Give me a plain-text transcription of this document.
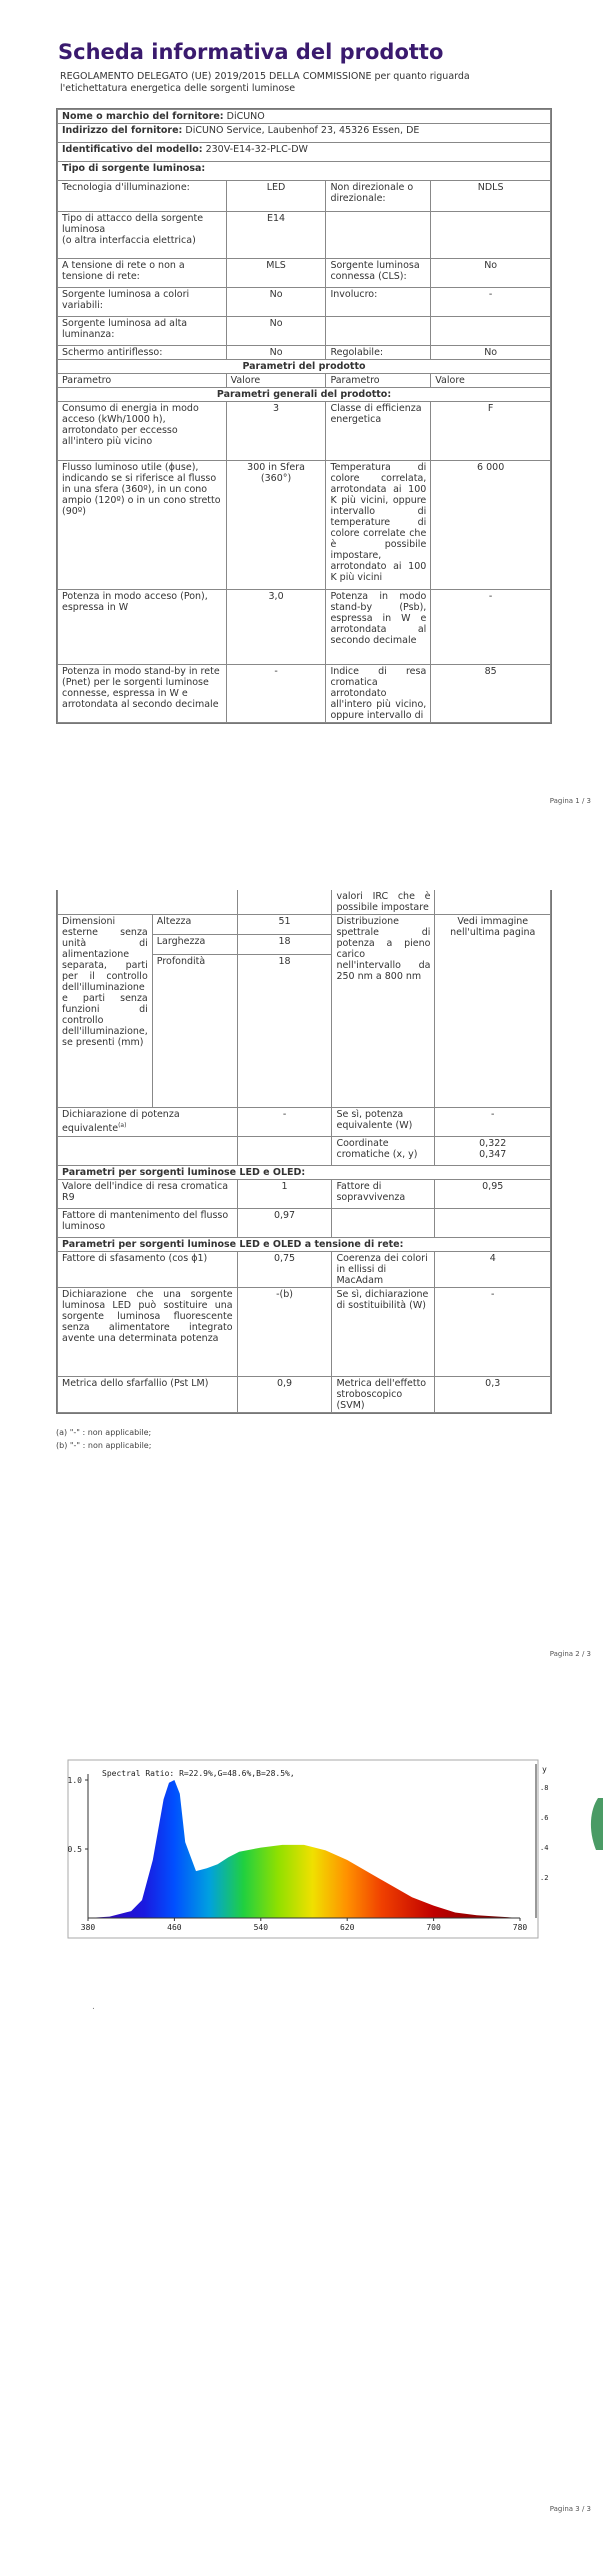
Scheda informativa del prodotto
REGOLAMENTO DELEGATO (UE) 2019/2015 DELLA COMMISSIONE per quanto riguarda l'etichettatura energetica delle sorgenti luminose
Nome o marchio del fornitore: DiCUNO			
Indirizzo del fornitore: DiCUNO Service, Laubenhof 23, 45326 Essen, DE			
Identificativo del modello: 230V-E14-32-PLC-DW			
Tipo di sorgente luminosa:			
Tecnologia d'illuminazione:	LED	Non direzionale o direzionale:	NDLS
Tipo di attacco della sorgente luminosa
(o altra interfaccia elettrica)	E14		
A tensione di rete o non a tensione di rete:	MLS	Sorgente luminosa connessa (CLS):	No
Sorgente luminosa a colori variabili:	No	Involucro:	-
Sorgente luminosa ad alta luminanza:	No		
Schermo antiriflesso:	No	Regolabile:	No
Parametri del prodotto			
Parametro	Valore	Parametro	Valore
Parametri generali del prodotto:			
Consumo di energia in modo acceso (kWh/1000 h), arrotondato per eccesso all'intero più vicino	3	Classe di efficienza energetica	F
Flusso luminoso utile (ɸuse), indicando se si riferisce al flusso in una sfera (360º), in un cono ampio (120º) o in un cono stretto (90º)	300 in Sfera (360°)	Temperatura di colore correlata, arrotondata ai 100 K più vicini, oppure intervallo di temperature di colore correlate che è possibile impostare, arrotondato ai 100 K più vicini	6 000
Potenza in modo acceso (Pon), espressa in W	3,0	Potenza in modo stand-by (Psb), espressa in W e arrotondata al secondo decimale	-
Potenza in modo stand-by in rete (Pnet) per le sorgenti luminose connesse, espressa in W e arrotondata al secondo decimale	-	Indice di resa cromatica arrotondato all'intero più vicino, oppure intervallo di	85
Pagina 1 / 3
			valori IRC che è possibile impostare	
Dimensioni esterne senza unità di alimentazione separata, parti per il controllo dell'illuminazione e parti senza funzioni di controllo dell'illuminazione, se presenti (mm)	Altezza	51	Distribuzione spettrale di potenza a pieno carico nell'intervallo da 250 nm a 800 nm	Vedi immagine nell'ultima pagina
	Larghezza	18		
	Profondità	18		
Dichiarazione di potenza equivalente$^{(a)}$		-	Se sì, potenza equivalente (W)	-
			Coordinate cromatiche (x, y)	0,322
0,347
Parametri per sorgenti luminose LED e OLED:				
Valore dell'indice di resa cromatica R9		1	Fattore di sopravvivenza	0,95
Fattore di mantenimento del flusso luminoso		0,97		
Parametri per sorgenti luminose LED e OLED a tensione di rete:				
Fattore di sfasamento (cos ɸ1)		0,75	Coerenza dei colori in ellissi di MacAdam	4
Dichiarazione che una sorgente luminosa LED può sostituire una sorgente luminosa fluorescente senza alimentatore integrato avente una determinata potenza		-(b)	Se sì, dichiarazione di sostituibilità (W)	-
Metrica dello sfarfallio (Pst LM)		0,9	Metrica dell'effetto stroboscopico (SVM)	0,3
(a) "-" : non applicabile;
(b) "-" : non applicabile;
Pagina 2 / 3
380	460	540	620	700	780
1.0
0.5
Spectral Ratio: R=22.9%,G=48.6%,B=28.5%,	y
.8
.6
.4
.2
.
Pagina 3 / 3
